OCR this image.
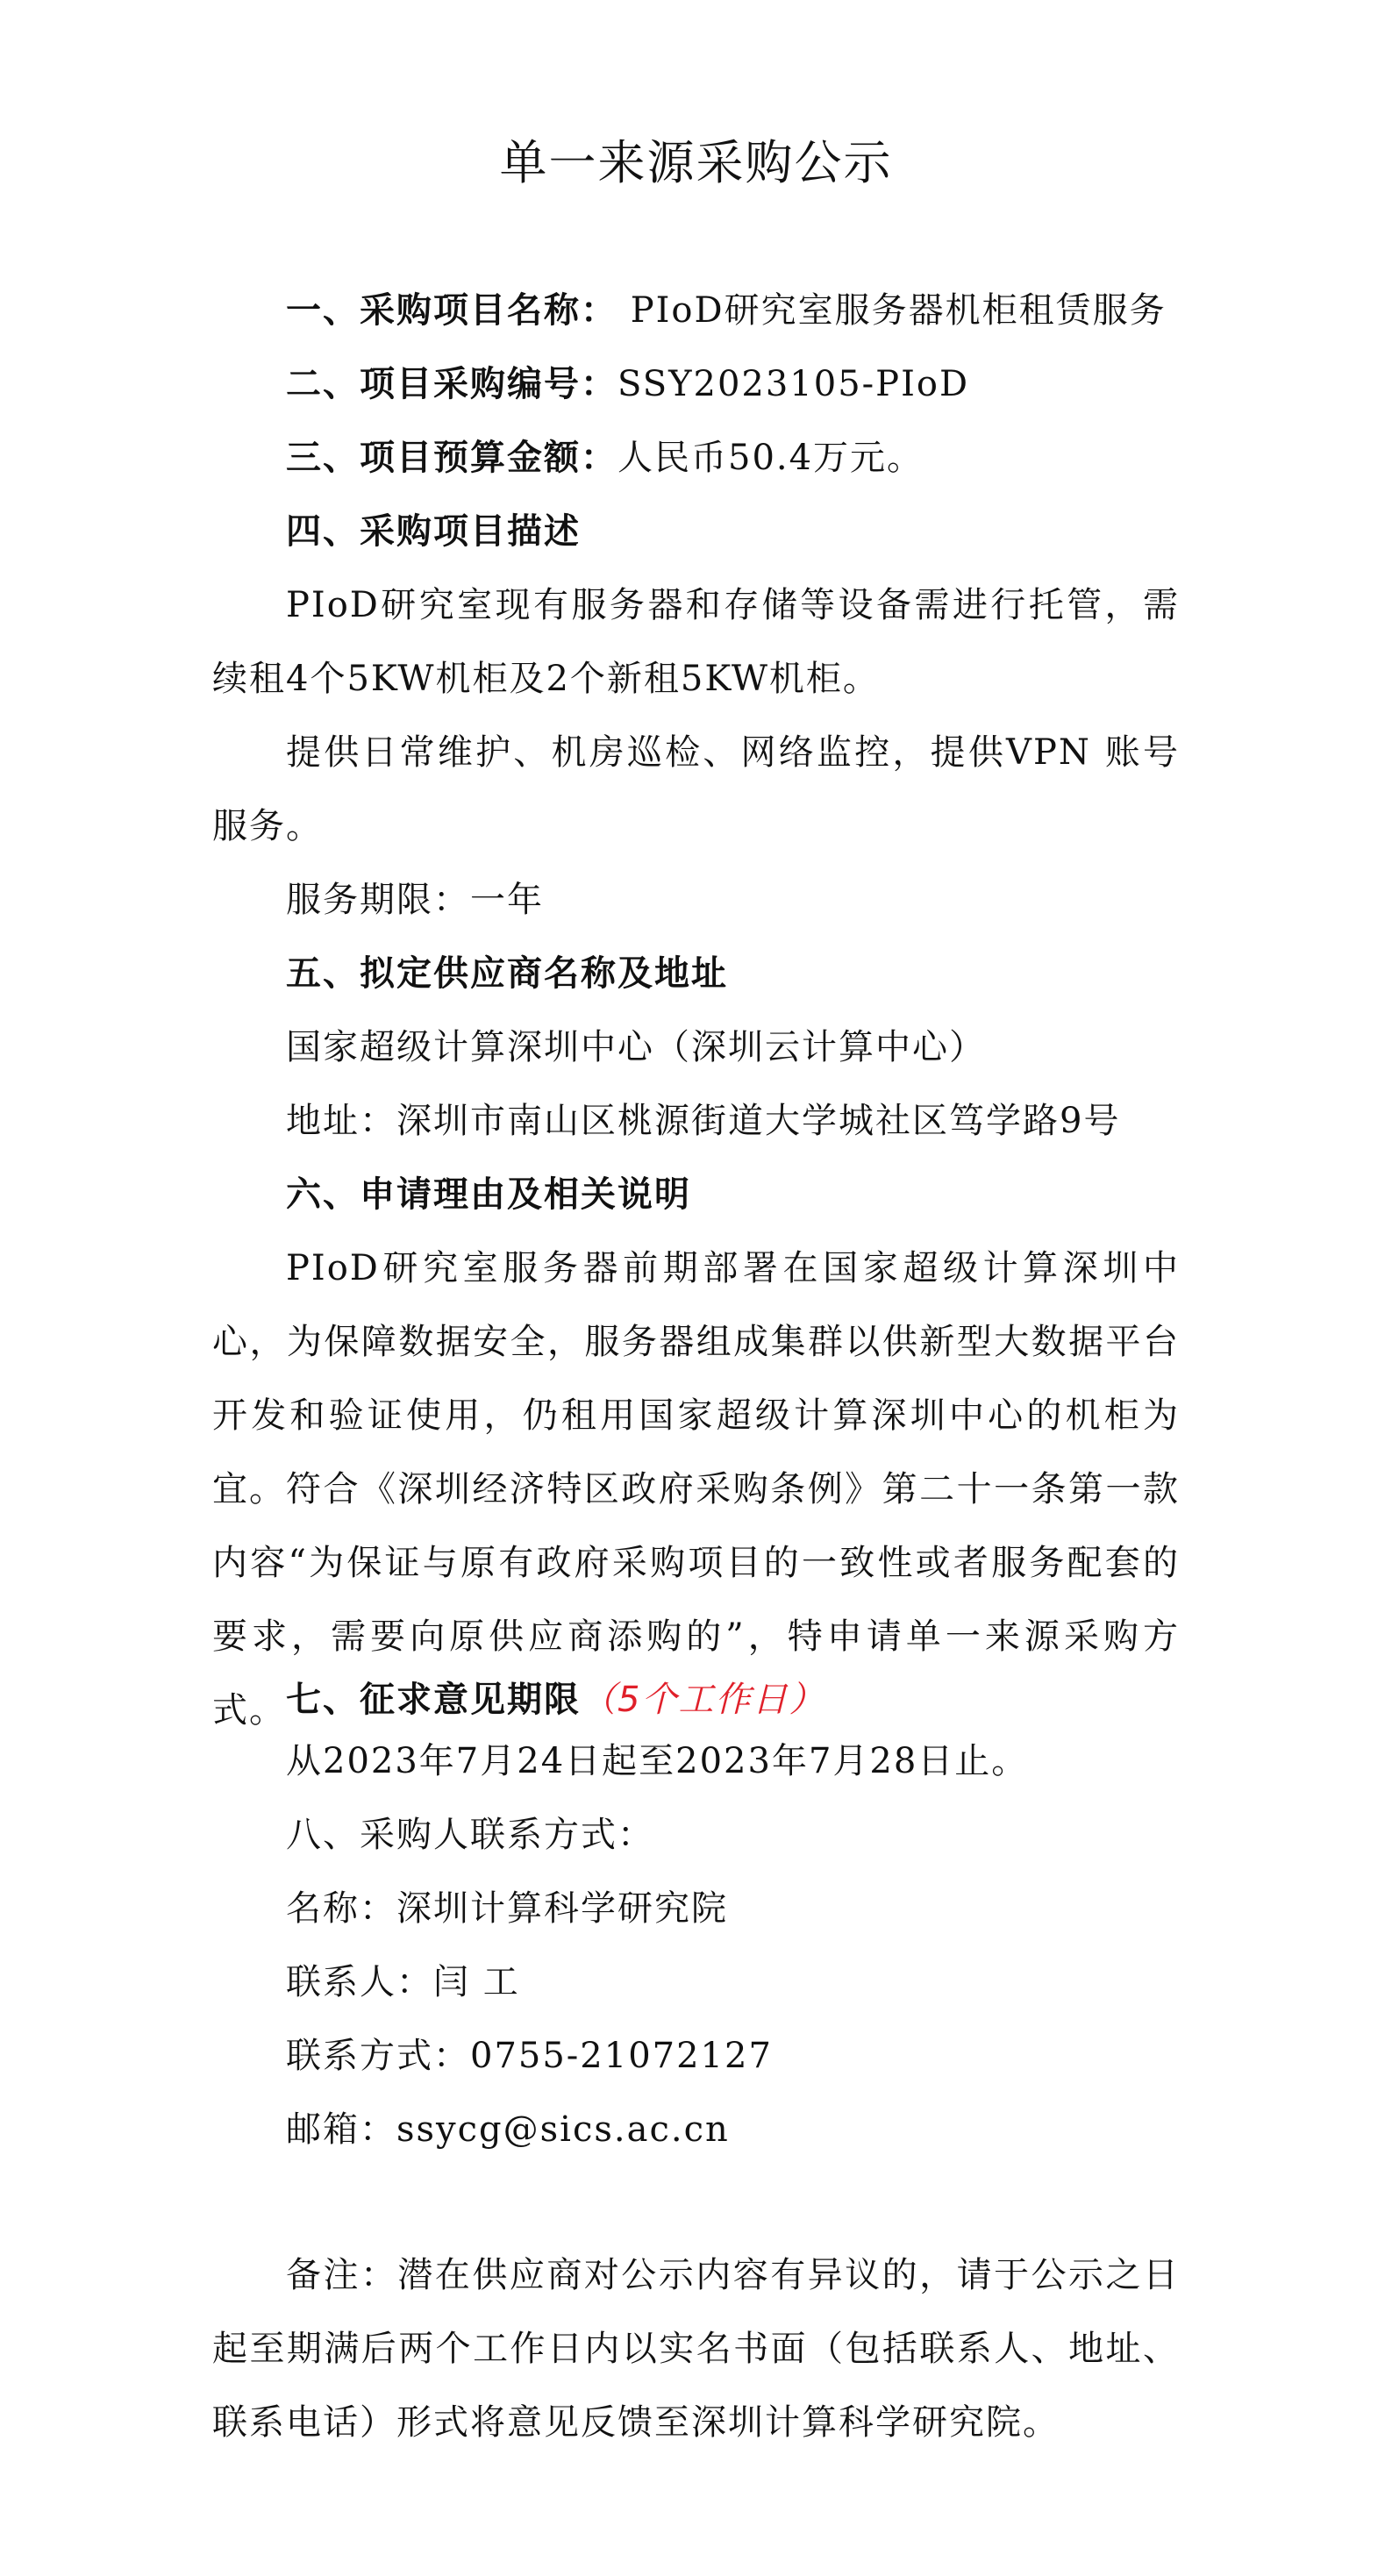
单一来源采购公示
一、采购项目名称： PIoD研究室服务器机柜租赁服务
二、项目采购编号：SSY2023105-PIoD
三、项目预算金额：人民币50.4万元。
四、采购项目描述
PIoD研究室现有服务器和存储等设备需进行托管，需续租4个5KW机柜及2个新租5KW机柜。
提供日常维护、机房巡检、网络监控，提供VPN 账号服务。
服务期限：一年
五、拟定供应商名称及地址
国家超级计算深圳中心（深圳云计算中心）
地址：深圳市南山区桃源街道大学城社区笃学路9号
六、申请理由及相关说明
PIoD研究室服务器前期部署在国家超级计算深圳中心，为保障数据安全，服务器组成集群以供新型大数据平台开发和验证使用，仍租用国家超级计算深圳中心的机柜为宜。 符合《深圳经济特区政府采购条例》第二十一条第一款内容“为保证与原有政府采购项目的一致性或者服务配套的要求，需要向原供应商添购的”，特申请单一来源采购方式。 七、征求意见期限（5个工作日）
从2023年7月24日起至2023年7月28日止。
八、采购人联系方式：
名称：深圳计算科学研究院
联系人：闫 工
联系方式：0755-21072127
邮箱：ssycg@sics.ac.cn
备注：潜在供应商对公示内容有异议的，请于公示之日起至期满后两个工作日内以实名书面（包括联系人、地址、联系电话）形式将意见反馈至深圳计算科学研究院。
